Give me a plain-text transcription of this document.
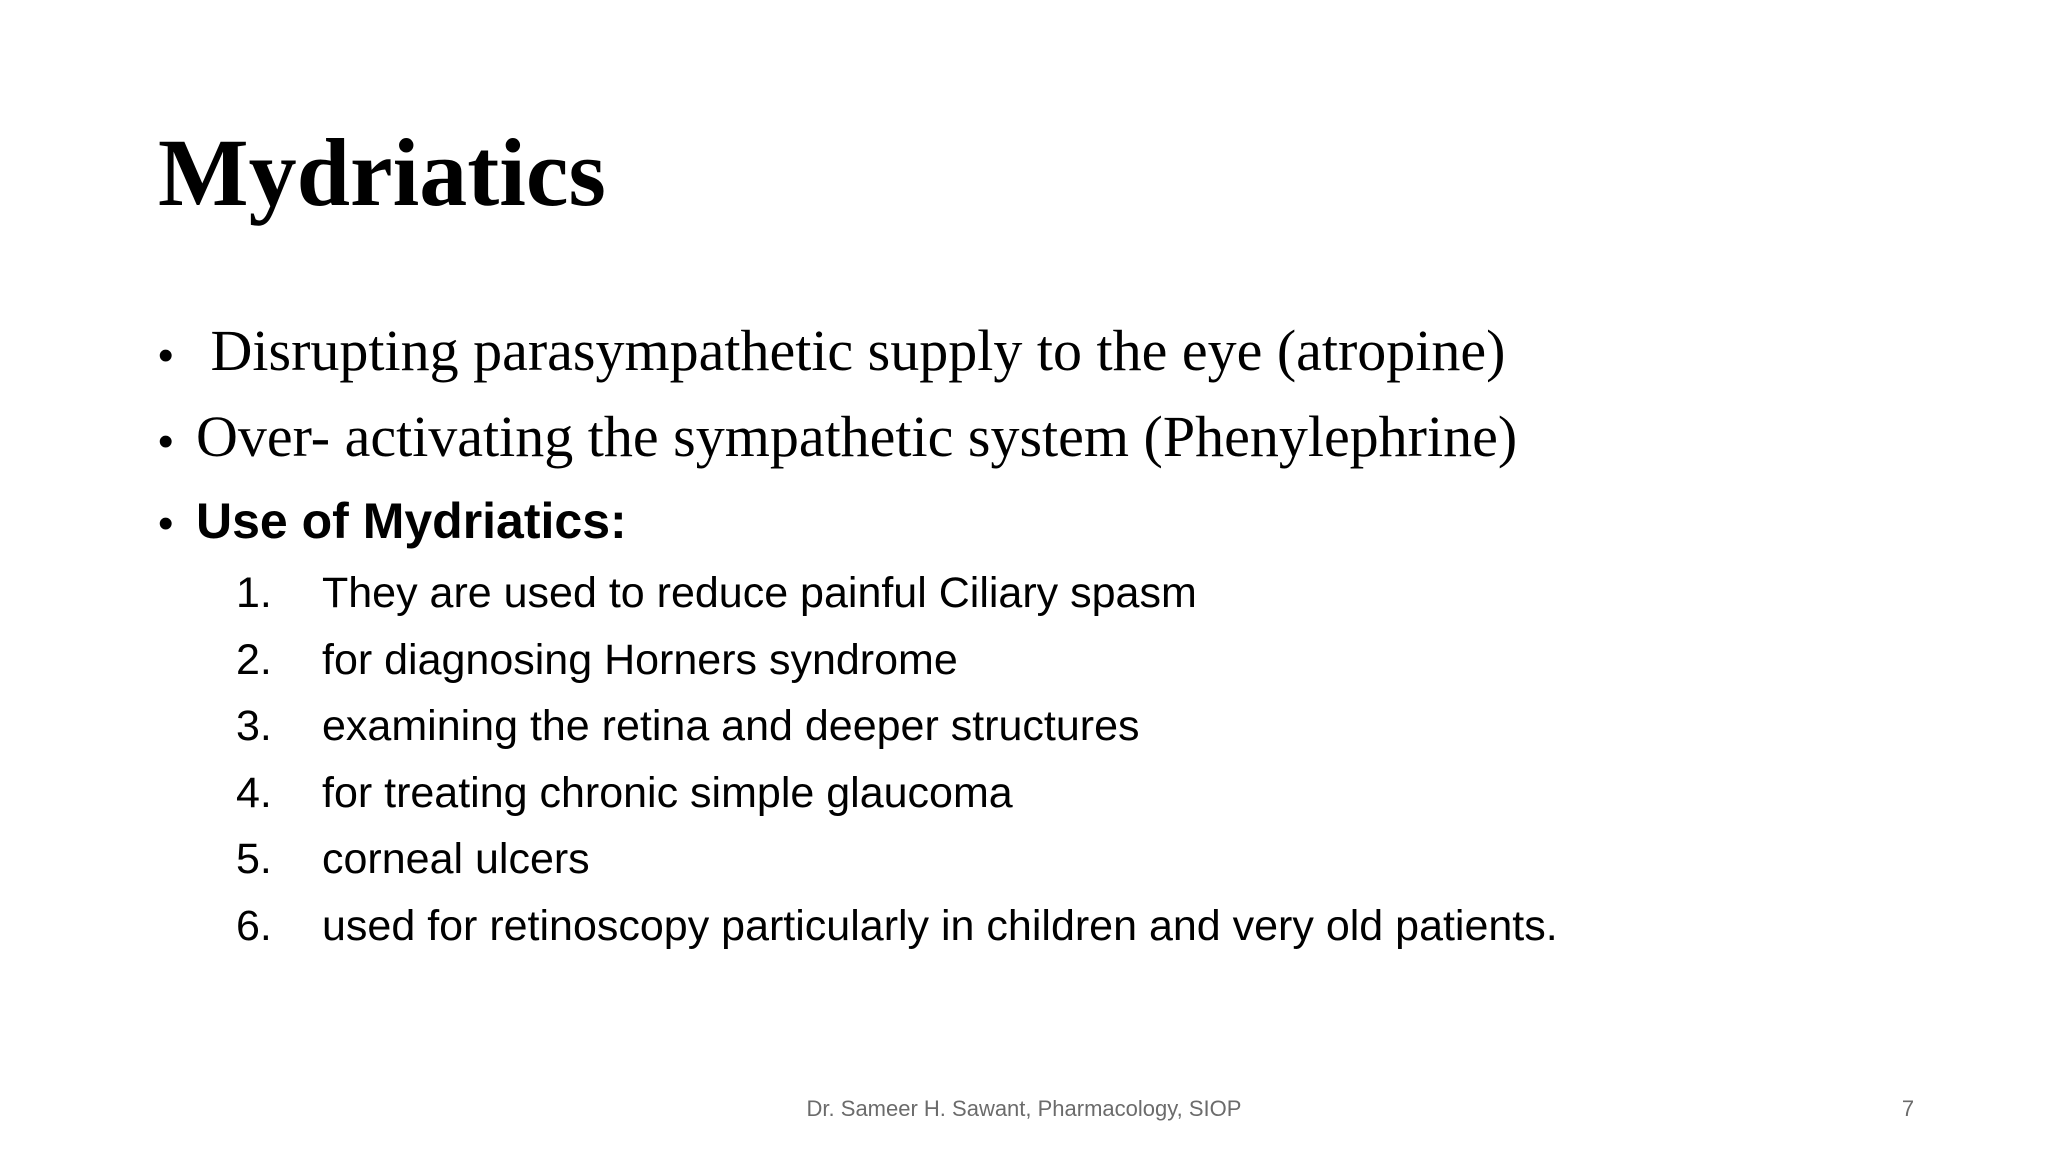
Mydriatics
• Disrupting parasympathetic supply to the eye (atropine)
• Over- activating the sympathetic system (Phenylephrine)
• Use of Mydriatics:
1. They are used to reduce painful Ciliary spasm
2. for diagnosing Horners syndrome
3. examining the retina and deeper structures
4. for treating chronic simple glaucoma
5. corneal ulcers
6. used for retinoscopy particularly in children and very old patients.
Dr. Sameer H. Sawant, Pharmacology, SIOP	7
